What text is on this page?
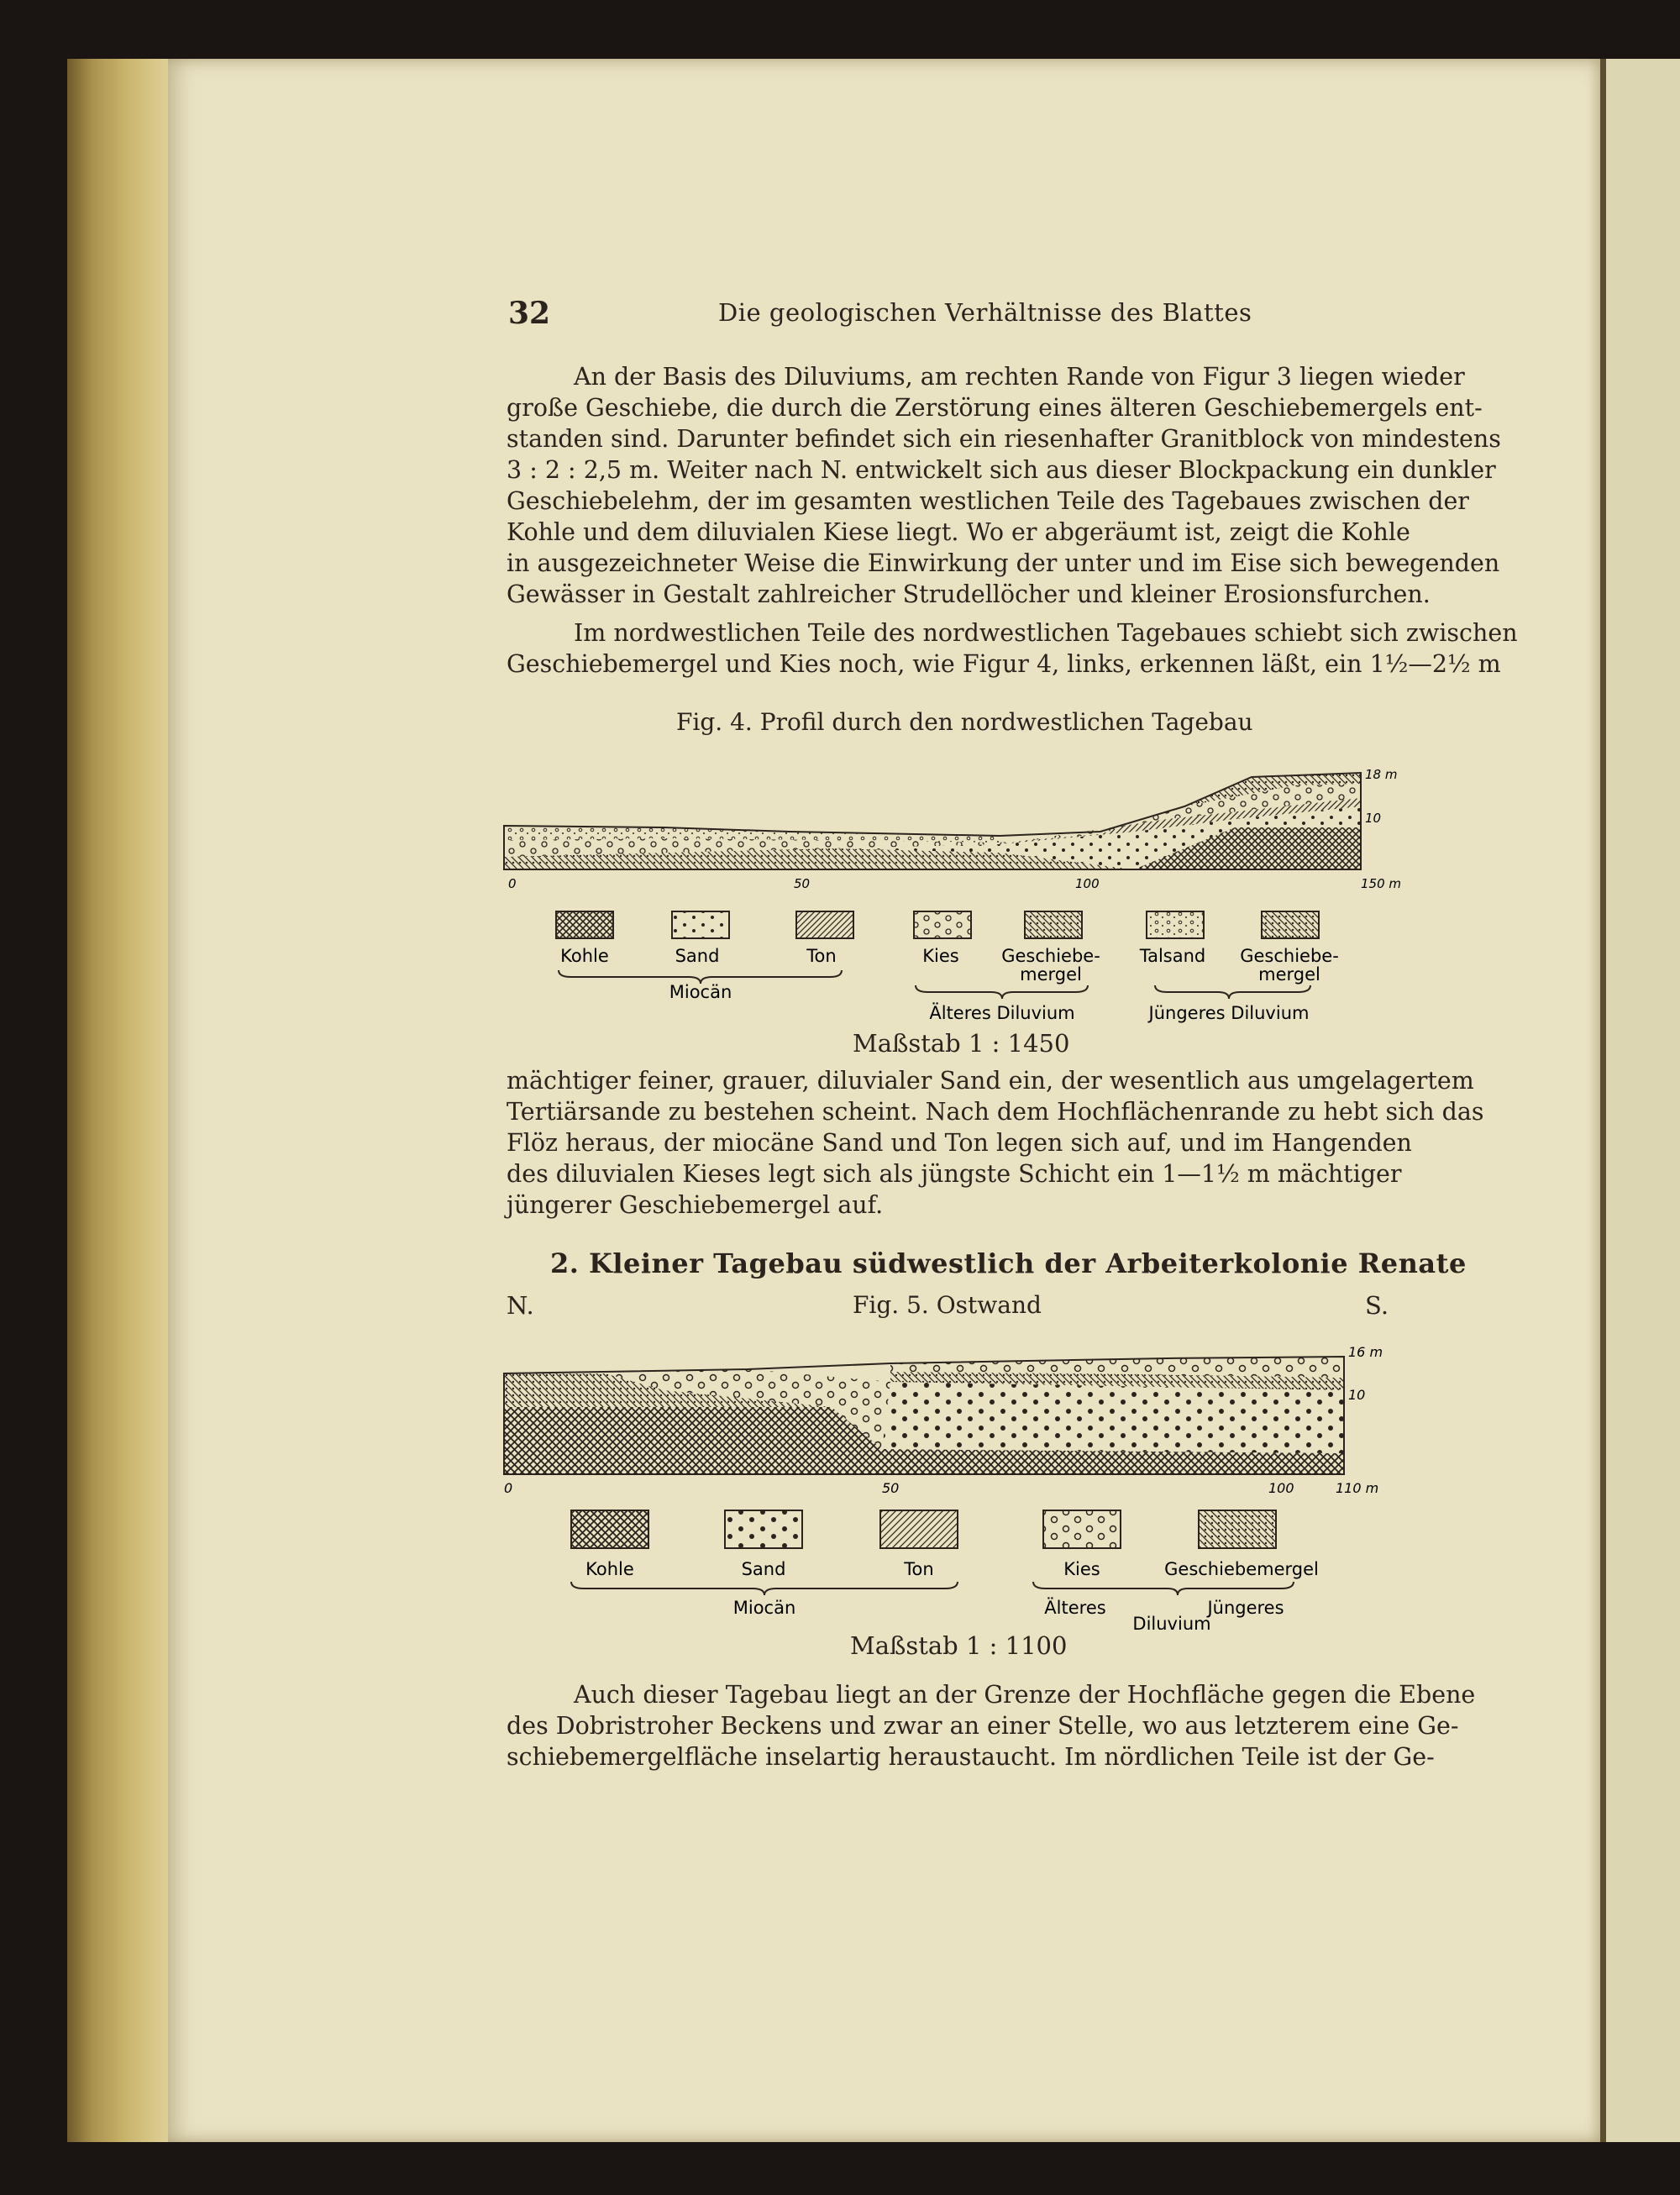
32	Die geologischen Verhältnisse des Blattes
An der Basis des Diluviums, am rechten Rande von Figur 3 liegen wieder
große Geschiebe, die durch die Zerstörung eines älteren Geschiebemergels ent-
standen sind. Darunter befindet sich ein riesenhafter Granitblock von mindestens
3 : 2 : 2,5 m. Weiter nach N. entwickelt sich aus dieser Blockpackung ein dunkler
Geschiebelehm, der im gesamten westlichen Teile des Tagebaues zwischen der
Kohle und dem diluvialen Kiese liegt. Wo er abgeräumt ist, zeigt die Kohle
in ausgezeichneter Weise die Einwirkung der unter und im Eise sich bewegenden
Gewässer in Gestalt zahlreicher Strudellöcher und kleiner Erosionsfurchen.
Im nordwestlichen Teile des nordwestlichen Tagebaues schiebt sich zwischen
Geschiebemergel und Kies noch, wie Figur 4, links, erkennen läßt, ein 1½—2½ m
Fig. 4. Profil durch den nordwestlichen Tagebau
0	50	100	150 m
18 m
10
Kohle	Sand	Ton	Kies Geschiebe-
mergel
Talsand Geschiebe-
mergel
Miocän
Älteres Diluvium	Jüngeres Diluvium
Maßstab 1 : 1450
mächtiger feiner, grauer, diluvialer Sand ein, der wesentlich aus umgelagertem
Tertiärsande zu bestehen scheint. Nach dem Hochflächenrande zu hebt sich das
Flöz heraus, der miocäne Sand und Ton legen sich auf, und im Hangenden
des diluvialen Kieses legt sich als jüngste Schicht ein 1—1½ m mächtiger
jüngerer Geschiebemergel auf.
2. Kleiner Tagebau südwestlich der Arbeiterkolonie Renate
N.	Fig. 5. Ostwand	S.
0	50	100	110 m
16 m
10
Kohle	Sand	Ton	Kies	Geschiebemergel
Miocän	Älteres	Jüngeres
Diluvium
Maßstab 1 : 1100
Auch dieser Tagebau liegt an der Grenze der Hochfläche gegen die Ebene
des Dobristroher Beckens und zwar an einer Stelle, wo aus letzterem eine Ge-
schiebemergelfläche inselartig heraustaucht. Im nördlichen Teile ist der Ge-
